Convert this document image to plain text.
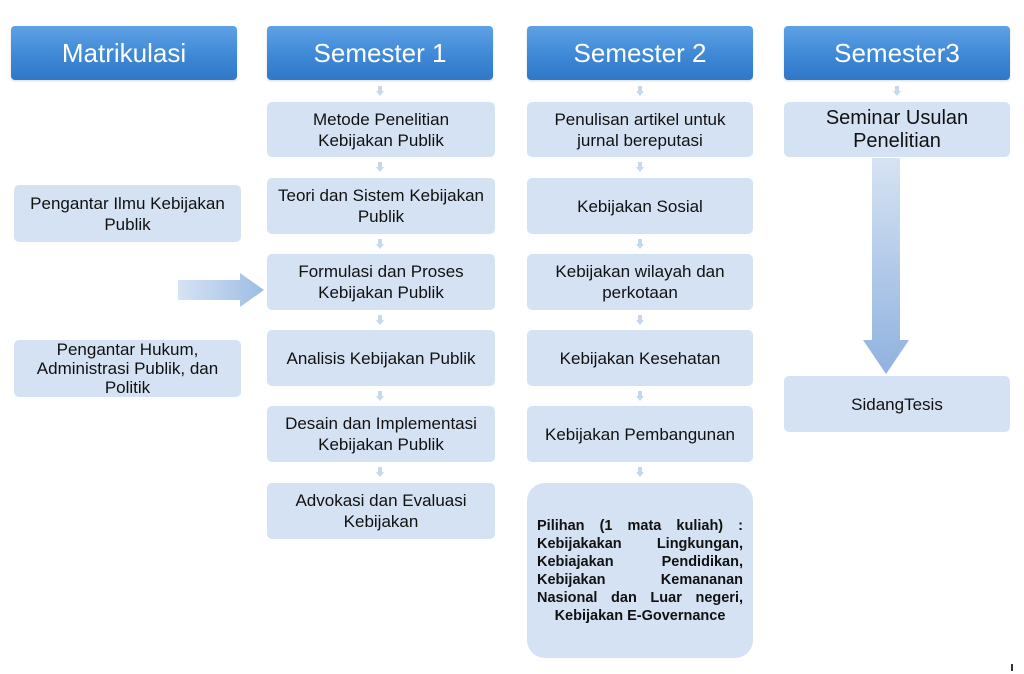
Matrikulasi	Semester 1	Semester 2	Semester3
Pengantar Ilmu Kebijakan Publik
Pengantar Hukum, Administrasi Publik, dan Politik
Metode Penelitian Kebijakan Publik
Teori dan Sistem Kebijakan Publik
Formulasi dan Proses Kebijakan Publik
Analisis Kebijakan Publik
Desain dan Implementasi Kebijakan Publik
Advokasi dan Evaluasi Kebijakan
Penulisan artikel untuk jurnal bereputasi
Kebijakan Sosial
Kebijakan wilayah dan perkotaan
Kebijakan Kesehatan
Kebijakan Pembangunan
Pilihan (1 mata kuliah) : Kebijakakan Lingkungan, Kebiajakan Pendidikan, Kebijakan Kemananan Nasional dan Luar negeri, Kebijakan E-Governance
Seminar Usulan Penelitian
SidangTesis
